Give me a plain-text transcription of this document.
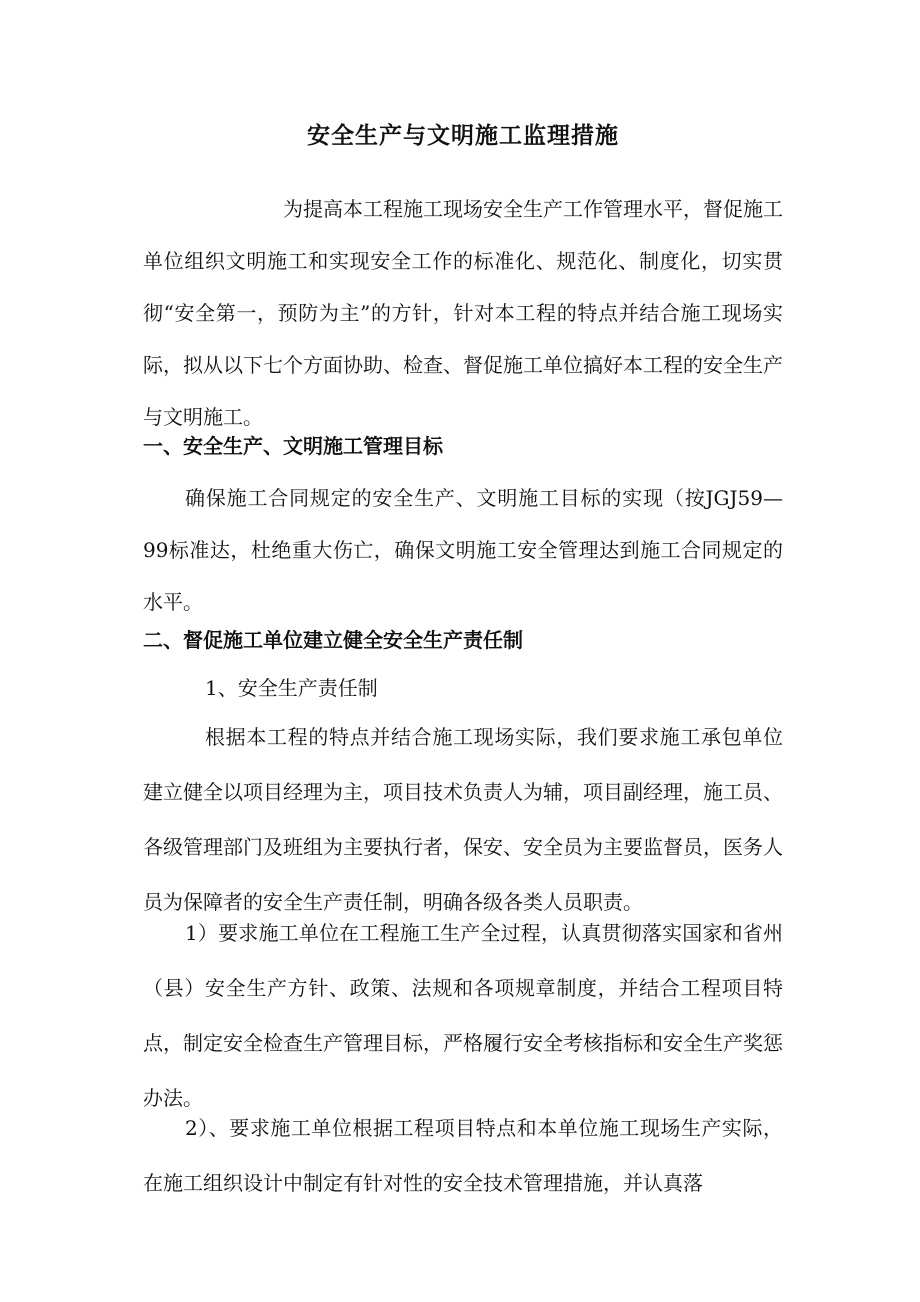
安全生产与文明施工监理措施

为提高本工程施工现场安全生产工作管理水平，督促施工单位组织文明施工和实现安全工作的标准化、规范化、制度化，切实贯彻“安全第一，预防为主”的方针，针对本工程的特点并结合施工现场实际，拟从以下七个方面协助、检查、督促施工单位搞好本工程的安全生产与文明施工。

一、安全生产、文明施工管理目标

确保施工合同规定的安全生产、文明施工目标的实现（按JGJ59—99标准达，杜绝重大伤亡，确保文明施工安全管理达到施工合同规定的水平。

二、督促施工单位建立健全安全生产责任制

1、安全生产责任制

根据本工程的特点并结合施工现场实际，我们要求施工承包单位建立健全以项目经理为主，项目技术负责人为辅，项目副经理，施工员、各级管理部门及班组为主要执行者，保安、安全员为主要监督员，医务人员为保障者的安全生产责任制，明确各级各类人员职责。

1）要求施工单位在工程施工生产全过程，认真贯彻落实国家和省州（县）安全生产方针、政策、法规和各项规章制度，并结合工程项目特点，制定安全检查生产管理目标，严格履行安全考核指标和安全生产奖惩办法。

2）、要求施工单位根据工程项目特点和本单位施工现场生产实际，在施工组织设计中制定有针对性的安全技术管理措施，并认真落
